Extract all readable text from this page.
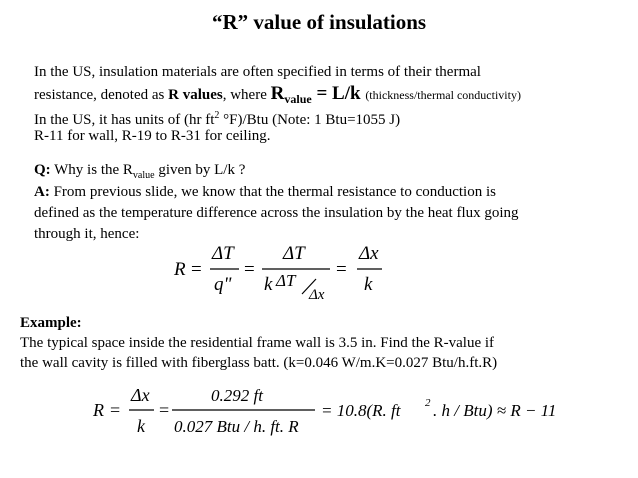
“R” value of insulations
In the US, insulation materials are often specified in terms of their thermal
resistance, denoted as R values, where $R_{value} = L/k$ (thickness/thermal conductivity)
In the US, it has units of (hr $ft^2$ °F)/Btu (Note: 1 Btu=1055 J)
R-11 for wall, R-19 to R-31 for ceiling.
Q: Why is the $R_{value}$ given by L/k ?
A: From previous slide, we know that the thermal resistance to conduction is
defined as the temperature difference across the insulation by the heat flux going
through it, hence:
R =
ΔT
q"
=
ΔT
k ΔT
Δx
=
Δx
k
Example:
The typical space inside the residential frame wall is 3.5 in. Find the R-value if
the wall cavity is filled with fiberglass batt. (k=0.046 W/m.K=0.027 Btu/h.ft.R)
R =
Δx
k
=
0.292 ft
0.027 Btu / h. ft. R
= 10.8(R. ft 2 . h / Btu) ≈ R − 11
